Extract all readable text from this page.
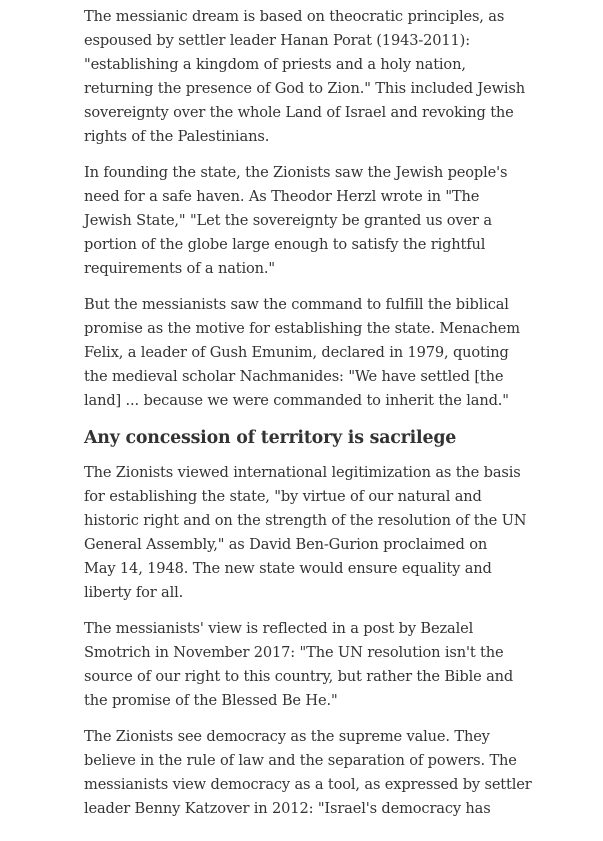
The messianic dream is based on theocratic principles, as
espoused by settler leader Hanan Porat (1943-2011):
"establishing a kingdom of priests and a holy nation,
returning the presence of God to Zion." This included Jewish
sovereignty over the whole Land of Israel and revoking the
rights of the Palestinians.

In founding the state, the Zionists saw the Jewish people's
need for a safe haven. As Theodor Herzl wrote in "The
Jewish State," "Let the sovereignty be granted us over a
portion of the globe large enough to satisfy the rightful
requirements of a nation."

But the messianists saw the command to fulfill the biblical
promise as the motive for establishing the state. Menachem
Felix, a leader of Gush Emunim, declared in 1979, quoting
the medieval scholar Nachmanides: "We have settled [the
land] ... because we were commanded to inherit the land."

Any concession of territory is sacrilege

The Zionists viewed international legitimization as the basis
for establishing the state, "by virtue of our natural and
historic right and on the strength of the resolution of the UN
General Assembly," as David Ben-Gurion proclaimed on
May 14, 1948. The new state would ensure equality and
liberty for all.

The messianists' view is reflected in a post by Bezalel
Smotrich in November 2017: "The UN resolution isn't the
source of our right to this country, but rather the Bible and
the promise of the Blessed Be He."

The Zionists see democracy as the supreme value. They
believe in the rule of law and the separation of powers. The
messianists view democracy as a tool, as expressed by settler
leader Benny Katzover in 2012: "Israel's democracy has
